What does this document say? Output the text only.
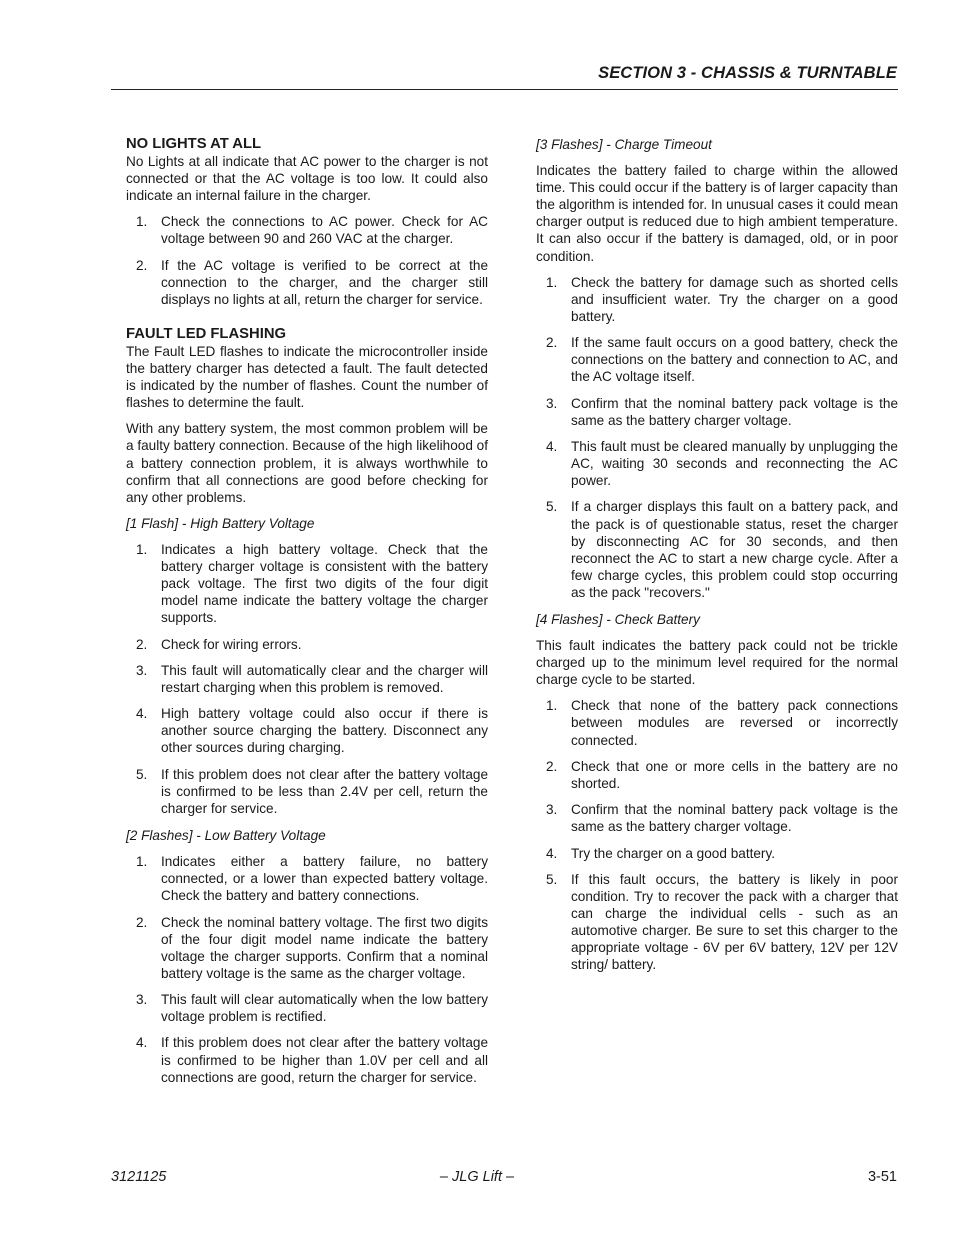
SECTION 3 - CHASSIS & TURNTABLE

NO LIGHTS AT ALL

No Lights at all indicate that AC power to the charger is not connected or that the AC voltage is too low. It could also indicate an internal failure in the charger.

1. Check the connections to AC power. Check for AC voltage between 90 and 260 VAC at the charger.
2. If the AC voltage is verified to be correct at the connection to the charger, and the charger still displays no lights at all, return the charger for service.

FAULT LED FLASHING

The Fault LED flashes to indicate the microcontroller inside the battery charger has detected a fault. The fault detected is indicated by the number of flashes. Count the number of flashes to determine the fault.

With any battery system, the most common problem will be a faulty battery connection. Because of the high likelihood of a battery connection problem, it is always worthwhile to confirm that all connections are good before checking for any other problems.

[1 Flash] - High Battery Voltage

1. Indicates a high battery voltage. Check that the battery charger voltage is consistent with the battery pack voltage. The first two digits of the four digit model name indicate the battery voltage the charger supports.
2. Check for wiring errors.
3. This fault will automatically clear and the charger will restart charging when this problem is removed.
4. High battery voltage could also occur if there is another source charging the battery. Disconnect any other sources during charging.
5. If this problem does not clear after the battery voltage is confirmed to be less than 2.4V per cell, return the charger for service.

[2 Flashes] - Low Battery Voltage

1. Indicates either a battery failure, no battery connected, or a lower than expected battery voltage. Check the battery and battery connections.
2. Check the nominal battery voltage. The first two digits of the four digit model name indicate the battery voltage the charger supports. Confirm that a nominal battery voltage is the same as the charger voltage.
3. This fault will clear automatically when the low battery voltage problem is rectified.
4. If this problem does not clear after the battery voltage is confirmed to be higher than 1.0V per cell and all connections are good, return the charger for service.

[3 Flashes] - Charge Timeout

Indicates the battery failed to charge within the allowed time. This could occur if the battery is of larger capacity than the algorithm is intended for. In unusual cases it could mean charger output is reduced due to high ambient temperature. It can also occur if the battery is damaged, old, or in poor condition.

1. Check the battery for damage such as shorted cells and insufficient water. Try the charger on a good battery.
2. If the same fault occurs on a good battery, check the connections on the battery and connection to AC, and the AC voltage itself.
3. Confirm that the nominal battery pack voltage is the same as the battery charger voltage.
4. This fault must be cleared manually by unplugging the AC, waiting 30 seconds and reconnecting the AC power.
5. If a charger displays this fault on a battery pack, and the pack is of questionable status, reset the charger by disconnecting AC for 30 seconds, and then reconnect the AC to start a new charge cycle. After a few charge cycles, this problem could stop occurring as the pack "recovers."

[4 Flashes] - Check Battery

This fault indicates the battery pack could not be trickle charged up to the minimum level required for the normal charge cycle to be started.

1. Check that none of the battery pack connections between modules are reversed or incorrectly connected.
2. Check that one or more cells in the battery are no shorted.
3. Confirm that the nominal battery pack voltage is the same as the battery charger voltage.
4. Try the charger on a good battery.
5. If this fault occurs, the battery is likely in poor condition. Try to recover the pack with a charger that can charge the individual cells - such as an automotive charger. Be sure to set this charger to the appropriate voltage - 6V per 6V battery, 12V per 12V string/ battery.
3121125	– JLG Lift –	3-51
